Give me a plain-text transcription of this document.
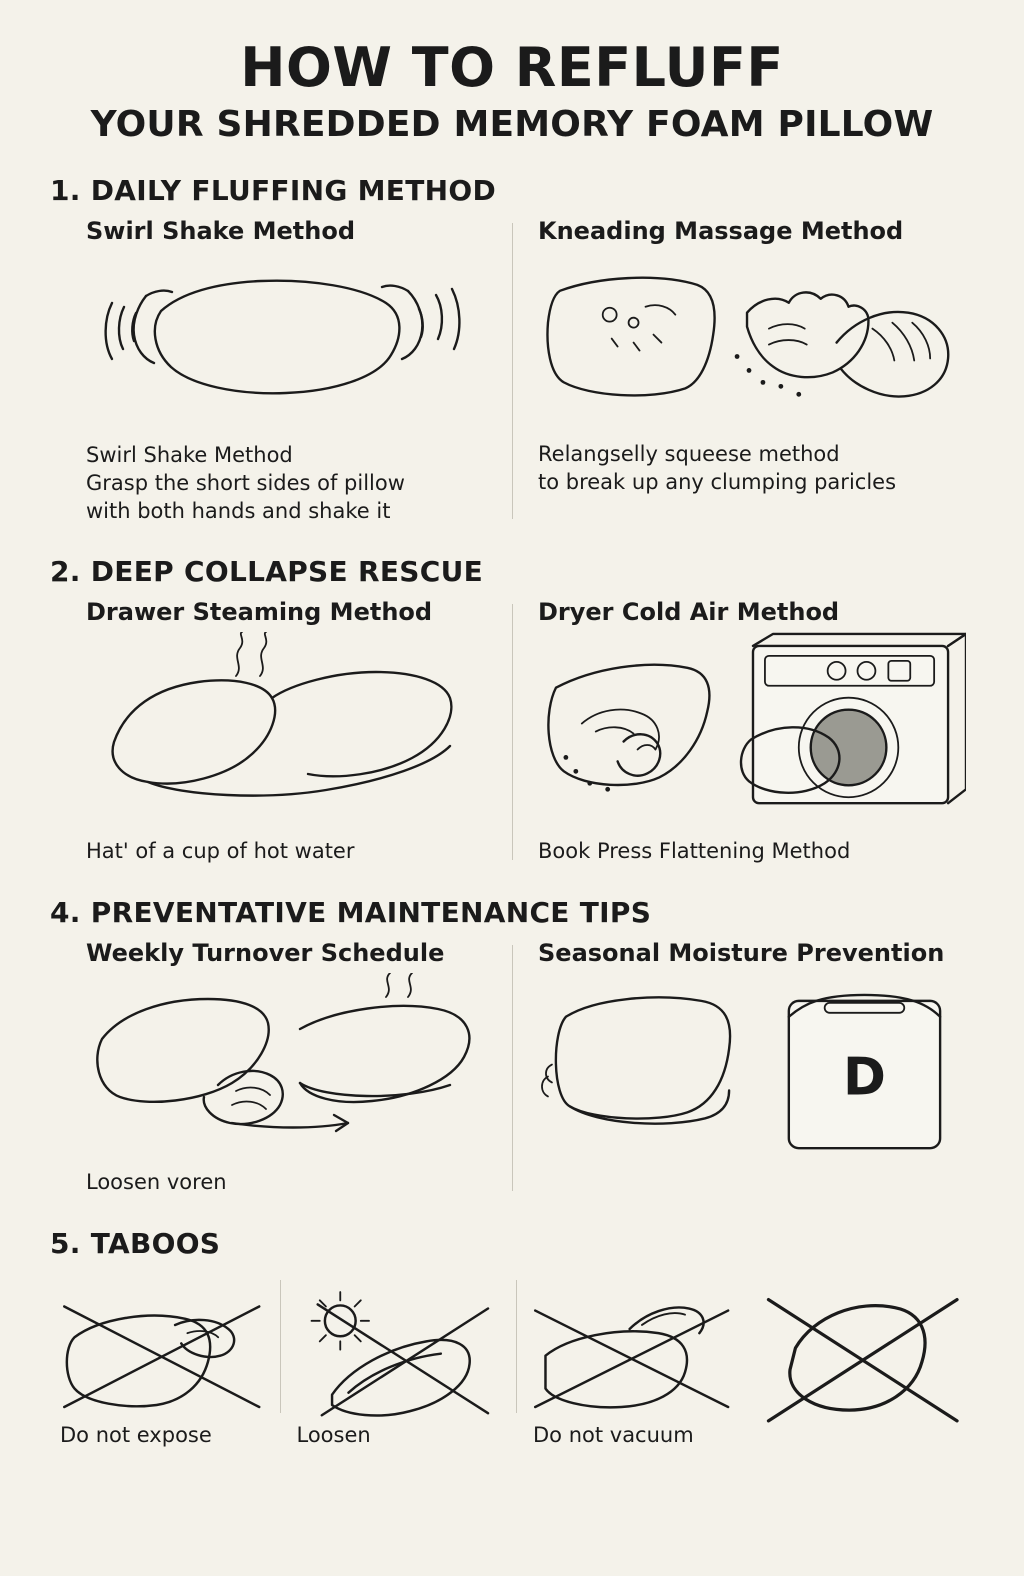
HOW TO REFLUFF
YOUR SHREDDED MEMORY FOAM PILLOW
1. DAILY FLUFFING METHOD
Swirl Shake Method
Swirl Shake Method
Grasp the short sides of pillow
with both hands and shake it
Kneading Massage Method
Relangselly squeese method
to break up any clumping paricles
2. DEEP COLLAPSE RESCUE
Drawer Steaming Method
Hat' of a cup of hot water
Dryer Cold Air Method
Book Press Flattening Method
4. PREVENTATIVE MAINTENANCE TIPS
Weekly Turnover Schedule
Loosen voren
Seasonal Moisture Prevention
D
5. TABOOS
Do not expose	Loosen	Do not vacuum
